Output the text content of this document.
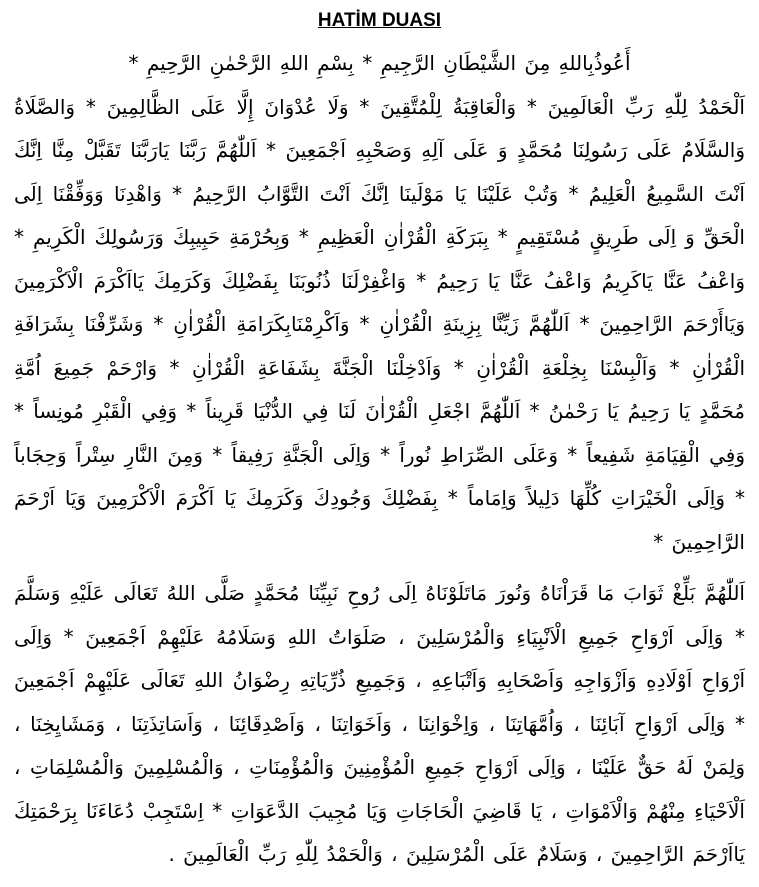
HATİM DUASI

أَعُوذُبِاللهِ مِنَ الشَّيْطَانِ الرَّجِيمِ * بِسْمِ اللهِ الرَّحْمٰنِ الرَّحِيمِ *

اَلْحَمْدُ لِلّٰهِ رَبِّ الْعَالَمِينَ * وَالْعَاقِبَةُ لِلْمُتَّقِينَ * وَلَا عُدْوَانَ إِلَّا عَلَى الظَّالِمِينَ * وَالصَّلَاةُ وَالسَّلَامُ عَلَى رَسُولِنَا مُحَمَّدٍ وَ عَلَى آلِهِ وَصَحْبِهِ اَجْمَعِينَ * اَللّٰهُمَّ رَبَّنَا يَارَبَّنَا تَقَبَّلْ مِنَّا اِنَّكَ اَنْتَ السَّمِيعُ الْعَلِيمُ * وَتُبْ عَلَيْنَا يَا مَوْلَينَا اِنَّكَ اَنْتَ التَّوَّابُ الرَّحِيمُ * وَاهْدِنَا وَوَفِّقْنَا اِلَى الْحَقِّ وَ اِلَى طَرِيقٍ مُسْتَقِيمٍ * بِبَرَكَةِ الْقُرْاٰنِ الْعَظِيمِ * وَبِحُرْمَةِ حَبِيبِكَ وَرَسُولِكَ الْكَرِيمِ * وَاعْفُ عَنَّا يَاكَرِيمُ وَاعْفُ عَنَّا يَا رَحِيمُ * وَاغْفِرْلَنَا ذُنُوبَنَا بِفَضْلِكَ وَكَرَمِكَ يَااَكْرَمَ الْاَكْرَمِينَ وَيَاأَرْحَمَ الرَّاحِمِينَ * اَللّٰهُمَّ زَيِّنَّا بِزِينَةِ الْقُرْاٰنِ * وَاَكْرِمْنَابِكَرَامَةِ الْقُرْاٰنِ * وَشَرِّفْنَا بِشَرَافَةِ الْقُرْاٰنِ * وَاَلْبِسْنَا بِخِلْعَةِ الْقُرْاٰنِ * وَاَدْخِلْنَا الْجَنَّةَ بِشَفَاعَةِ الْقُرْاٰنِ * وَارْحَمْ جَمِيعَ اُمَّةِ مُحَمَّدٍ يَا رَحِيمُ يَا رَحْمٰنُ * اَللّٰهُمَّ اجْعَلِ الْقُرْاٰنَ لَنَا فِي الدُّنْيَا قَرِيناً * وَفِي الْقَبْرِ مُونِساً * وَفِي الْقِيَامَةِ شَفِيعاً * وَعَلَى الصِّرَاطِ نُوراً * وَاِلَى الْجَنَّةِ رَفِيقاً * وَمِنَ النَّارِ سِتْراً وَحِجَاباً * وَاِلَى الْخَيْرَاتِ كُلِّهَا دَلِيلاً وَاِمَاماً * بِفَضْلِكَ وَجُودِكَ وَكَرَمِكَ يَا اَكْرَمَ الْاَكْرَمِينَ وَيَا اَرْحَمَ الرَّاحِمِينَ *

اَللّٰهُمَّ بَلِّغْ ثَوَابَ مَا قَرَاْنَاهُ وَنُورَ مَاتَلَوْنَاهُ اِلَى رُوحِ نَبِيِّنَا مُحَمَّدٍ صَلَّى اللهُ تَعَالَى عَلَيْهِ وَسَلَّمَ * وَاِلَى اَرْوَاحِ جَمِيعِ الْاَنْبِيَاءِ وَالْمُرْسَلِينَ ، صَلَوَاتُ اللهِ وَسَلَامُهُ عَلَيْهِمْ اَجْمَعِينَ * وَاِلَى اَرْوَاحِ اَوْلَادِهِ وَاَزْوَاجِهِ وَاَصْحَابِهِ وَاَتْبَاعِهِ ، وَجَمِيعِ ذُرِّيَاتِهِ رِضْوَانُ اللهِ تَعَالَى عَلَيْهِمْ اَجْمَعِينَ * وَاِلَى اَرْوَاحِ آبَائِنَا ، وَاُمَّهَاتِنَا ، وَاِخْوَانِنَا ، وَاَخَوَاتِنَا ، وَاَصْدِقَائِنَا ، وَاَسَاتِذَتِنَا ، وَمَشَايِخِنَا ، وَلِمَنْ لَهُ حَقٌّ عَلَيْنَا ، وَاِلَى اَرْوَاحِ جَمِيعِ الْمُؤْمِنِينَ وَالْمُؤْمِنَاتِ ، وَالْمُسْلِمِينَ وَالْمُسْلِمَاتِ ، اَلْاَحْيَاءِ مِنْهُمْ وَالْاَمْوَاتِ ، يَا قَاضِيَ الْحَاجَاتِ وَيَا مُجِيبَ الدَّعَوَاتِ * اِسْتَجِبْ دُعَاءَنَا بِرَحْمَتِكَ يَااَرْحَمَ الرَّاحِمِينَ ، وَسَلَامٌ عَلَى الْمُرْسَلِينَ ، وَالْحَمْدُ لِلّٰهِ رَبِّ الْعَالَمِينَ .
